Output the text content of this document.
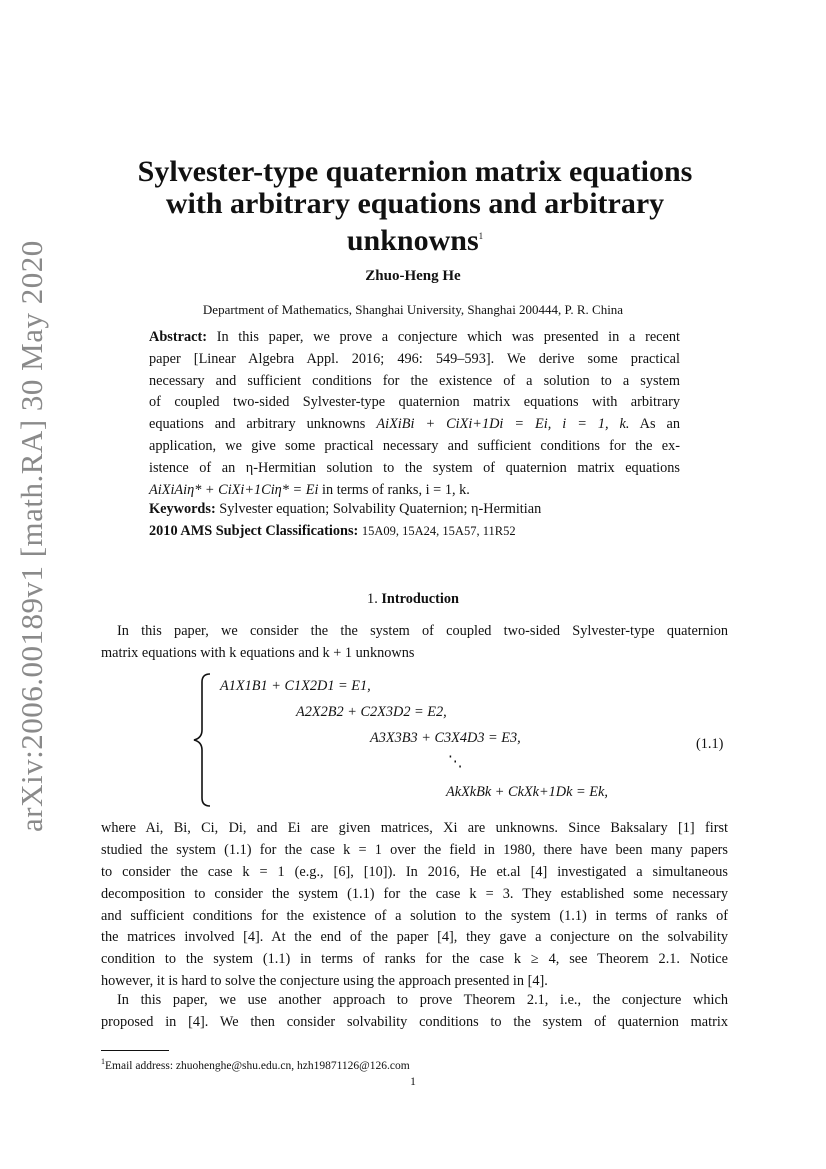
arXiv:2006.00189v1 [math.RA] 30 May 2020
Sylvester-type quaternion matrix equations
with arbitrary equations and arbitrary
unknowns$^1$
Zhuo-Heng He
Department of Mathematics, Shanghai University, Shanghai 200444, P. R. China
Abstract: In this paper, we prove a conjecture which was presented in a recent
paper [Linear Algebra Appl. 2016; 496: 549–593]. We derive some practical
necessary and sufficient conditions for the existence of a solution to a system
of coupled two-sided Sylvester-type quaternion matrix equations with arbitrary
equations and arbitrary unknowns AiXiBi + CiXi+1Di = Ei, i = 1, k. As an
application, we give some practical necessary and sufficient conditions for the ex-
istence of an η-Hermitian solution to the system of quaternion matrix equations
AiXiAiη* + CiXi+1Ciη* = Ei in terms of ranks, i = 1, k.
Keywords: Sylvester equation; Solvability Quaternion; η-Hermitian
2010 AMS Subject Classifications: 15A09, 15A24, 15A57, 11R52
1. Introduction
In this paper, we consider the the system of coupled two-sided Sylvester-type quaternion
matrix equations with k equations and k + 1 unknowns
A1X1B1 + C1X2D1 = E1,
A2X2B2 + C2X3D2 = E2,
A3X3B3 + C3X4D3 = E3,
⋱
AkXkBk + CkXk+1Dk = Ek,
(1.1)
where Ai, Bi, Ci, Di, and Ei are given matrices, Xi are unknowns. Since Baksalary [1] first
studied the system (1.1) for the case k = 1 over the field in 1980, there have been many papers
to consider the case k = 1 (e.g., [6], [10]). In 2016, He et.al [4] investigated a simultaneous
decomposition to consider the system (1.1) for the case k = 3. They established some necessary
and sufficient conditions for the existence of a solution to the system (1.1) in terms of ranks of
the matrices involved [4]. At the end of the paper [4], they gave a conjecture on the solvability
condition to the system (1.1) in terms of ranks for the case k ≥ 4, see Theorem 2.1. Notice
however, it is hard to solve the conjecture using the approach presented in [4].
In this paper, we use another approach to prove Theorem 2.1, i.e., the conjecture which
proposed in [4]. We then consider solvability conditions to the system of quaternion matrix
$^1$Email address: zhuohenghe@shu.edu.cn, hzh19871126@126.com
1
